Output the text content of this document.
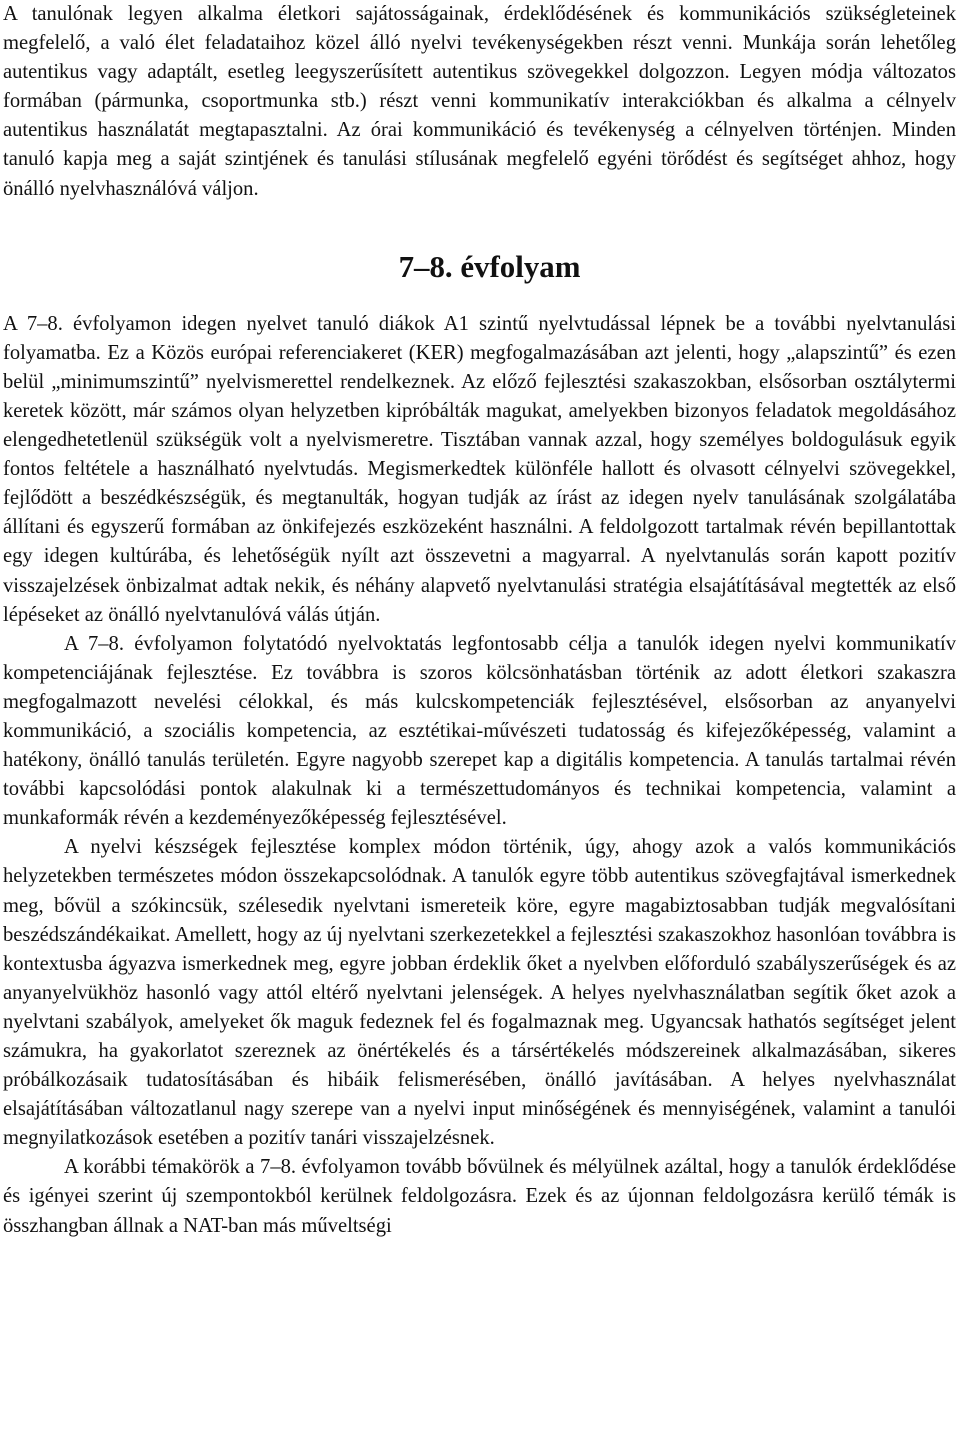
A tanulónak legyen alkalma életkori sajátosságainak, érdeklődésének és kommunikációs szükségleteinek megfelelő, a való élet feladataihoz közel álló nyelvi tevékenységekben részt venni. Munkája során lehetőleg autentikus vagy adaptált, esetleg leegyszerűsített autentikus szövegekkel dolgozzon. Legyen módja változatos formában (pármunka, csoportmunka stb.) részt venni kommunikatív interakciókban és alkalma a célnyelv autentikus használatát megtapasztalni. Az órai kommunikáció és tevékenység a célnyelven történjen. Minden tanuló kapja meg a saját szintjének és tanulási stílusának megfelelő egyéni törődést és segítséget ahhoz, hogy önálló nyelvhasználóvá váljon.

7–8. évfolyam

A 7–8. évfolyamon idegen nyelvet tanuló diákok A1 szintű nyelvtudással lépnek be a további nyelvtanulási folyamatba. Ez a Közös európai referenciakeret (KER) megfogalmazásában azt jelenti, hogy „alapszintű” és ezen belül „minimumszintű” nyelvismerettel rendelkeznek. Az előző fejlesztési szakaszokban, elsősorban osztálytermi keretek között, már számos olyan helyzetben kipróbálták magukat, amelyekben bizonyos feladatok megoldásához elengedhetetlenül szükségük volt a nyelvismeretre. Tisztában vannak azzal, hogy személyes boldogulásuk egyik fontos feltétele a használható nyelvtudás. Megismerkedtek különféle hallott és olvasott célnyelvi szövegekkel, fejlődött a beszédkészségük, és megtanulták, hogyan tudják az írást az idegen nyelv tanulásának szolgálatába állítani és egyszerű formában az önkifejezés eszközeként használni. A feldolgozott tartalmak révén bepillantottak egy idegen kultúrába, és lehetőségük nyílt azt összevetni a magyarral. A nyelvtanulás során kapott pozitív visszajelzések önbizalmat adtak nekik, és néhány alapvető nyelvtanulási stratégia elsajátításával megtették az első lépéseket az önálló nyelvtanulóvá válás útján.

A 7–8. évfolyamon folytatódó nyelvoktatás legfontosabb célja a tanulók idegen nyelvi kommunikatív kompetenciájának fejlesztése. Ez továbbra is szoros kölcsönhatásban történik az adott életkori szakaszra megfogalmazott nevelési célokkal, és más kulcskompetenciák fejlesztésével, elsősorban az anyanyelvi kommunikáció, a szociális kompetencia, az esztétikai-művészeti tudatosság és kifejezőképesség, valamint a hatékony, önálló tanulás területén. Egyre nagyobb szerepet kap a digitális kompetencia. A tanulás tartalmai révén további kapcsolódási pontok alakulnak ki a természettudományos és technikai kompetencia, valamint a munkaformák révén a kezdeményezőképesség fejlesztésével.

A nyelvi készségek fejlesztése komplex módon történik, úgy, ahogy azok a valós kommunikációs helyzetekben természetes módon összekapcsolódnak. A tanulók egyre több autentikus szövegfajtával ismerkednek meg, bővül a szókincsük, szélesedik nyelvtani ismereteik köre, egyre magabiztosabban tudják megvalósítani beszédszándékaikat. Amellett, hogy az új nyelvtani szerkezetekkel a fejlesztési szakaszokhoz hasonlóan továbbra is kontextusba ágyazva ismerkednek meg, egyre jobban érdeklik őket a nyelvben előforduló szabályszerűségek és az anyanyelvükhöz hasonló vagy attól eltérő nyelvtani jelenségek. A helyes nyelvhasználatban segítik őket azok a nyelvtani szabályok, amelyeket ők maguk fedeznek fel és fogalmaznak meg. Ugyancsak hathatós segítséget jelent számukra, ha gyakorlatot szereznek az önértékelés és a társértékelés módszereinek alkalmazásában, sikeres próbálkozásaik tudatosításában és hibáik felismerésében, önálló javításában. A helyes nyelvhasználat elsajátításában változatlanul nagy szerepe van a nyelvi input minőségének és mennyiségének, valamint a tanulói megnyilatkozások esetében a pozitív tanári visszajelzésnek.

A korábbi témakörök a 7–8. évfolyamon tovább bővülnek és mélyülnek azáltal, hogy a tanulók érdeklődése és igényei szerint új szempontokból kerülnek feldolgozásra. Ezek és az újonnan feldolgozásra kerülő témák is összhangban állnak a NAT-ban más műveltségi
